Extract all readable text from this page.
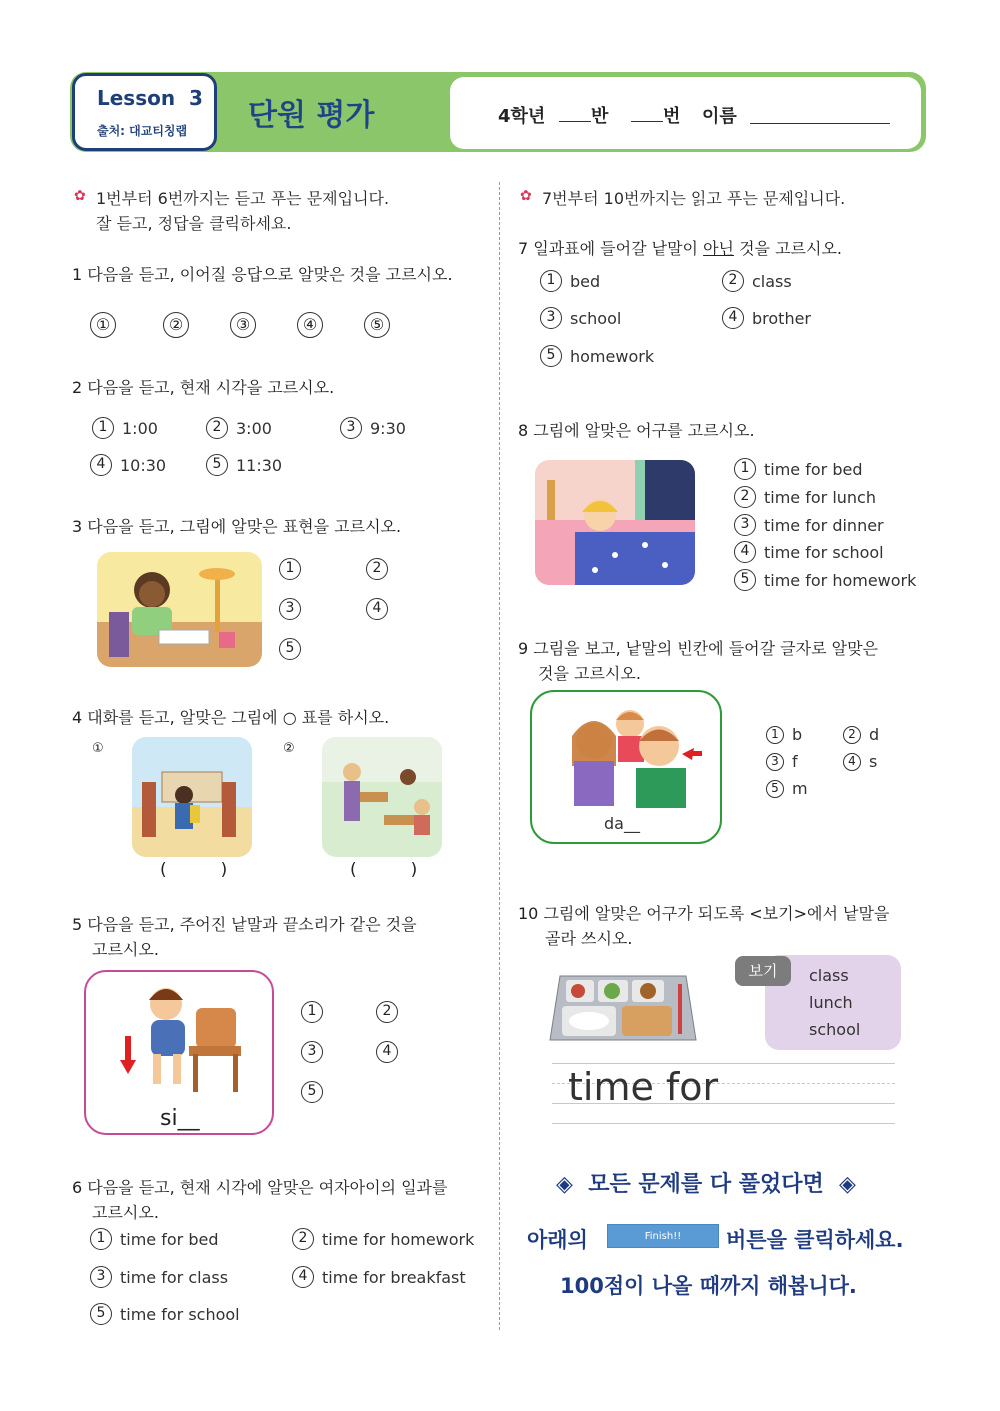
Lesson  3
출처: 대교티칭랩 단원 평가	4학년	반	번 이름
✿ 1번부터 6번까지는 듣고 푸는 문제입니다.
잘 듣고, 정답을 클릭하세요.
1 다음을 듣고, 이어질 응답으로 알맞은 것을 고르시오.
①	②	③	④	⑤
2 다음을 듣고, 현재 시각을 고르시오.
1 1:00	2 3:00	3 9:30
4 10:30	5 11:30
3 다음을 듣고, 그림에 알맞은 표현을 고르시오.
1	2
3	4
5
4 대화를 듣고, 알맞은 그림에 ○ 표를 하시오.
①	②
(          )	(          )
5 다음을 듣고, 주어진 낱말과 끝소리가 같은 것을
고르시오.
si__
1	2
3	4
5
6 다음을 듣고, 현재 시각에 알맞은 여자아이의 일과를
고르시오.
1 time for bed	2 time for homework
3 time for class	4 time for breakfast
5 time for school
✿ 7번부터 10번까지는 읽고 푸는 문제입니다.
7 일과표에 들어갈 낱말이 아닌 것을 고르시오.
1 bed	2 class
3 school	4 brother
5 homework
8 그림에 알맞은 어구를 고르시오.
1 time for bed
2 time for lunch
3 time for dinner
4 time for school
5 time for homework
9 그림을 보고, 낱말의 빈칸에 들어갈 글자로 알맞은
것을 고르시오.
da__
1 b	2 d
3 f	4 s
5 m
10 그림에 알맞은 어구가 되도록 <보기>에서 낱말을
골라 쓰시오.
보기	class
lunch
school
time for
◈  모든 문제를 다 풀었다면  ◈
아래의	Finish!!	버튼을 클릭하세요.
100점이 나올 때까지 해봅니다.
